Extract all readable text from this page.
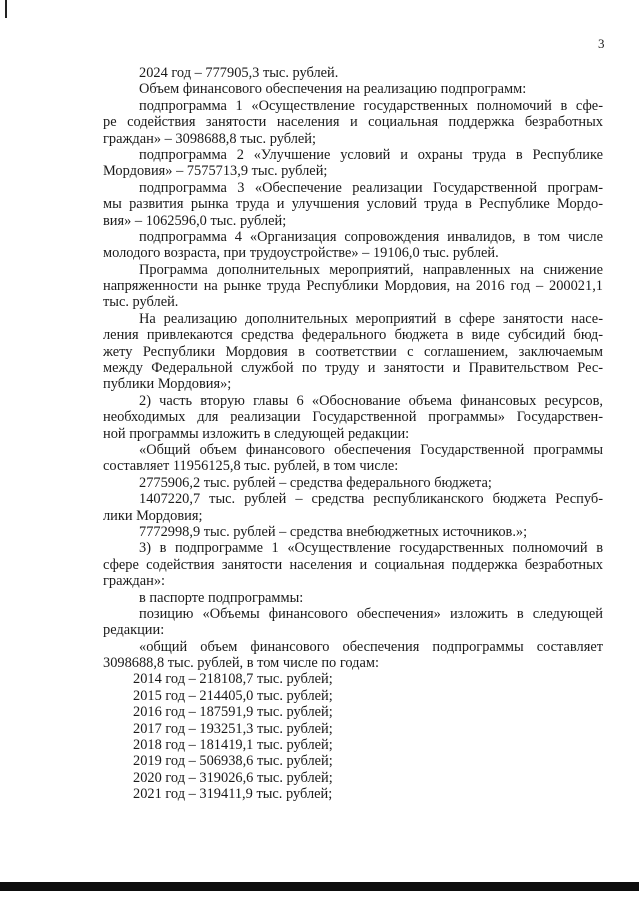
3
2024 год – 777905,3 тыс. рублей.
Объем финансового обеспечения на реализацию подпрограмм:
подпрограмма 1 «Осуществление государственных полномочий в сфе-
ре содействия занятости населения и социальная поддержка безработных
граждан» – 3098688,8 тыс. рублей;
подпрограмма 2 «Улучшение условий и охраны труда в Республике
Мордовия» – 7575713,9 тыс. рублей;
подпрограмма 3 «Обеспечение реализации Государственной програм-
мы развития рынка труда и улучшения условий труда в Республике Мордо-
вия» – 1062596,0 тыс. рублей;
подпрограмма 4 «Организация сопровождения инвалидов, в том числе
молодого возраста, при трудоустройстве» – 19106,0 тыс. рублей.
Программа дополнительных мероприятий, направленных на снижение
напряженности на рынке труда Республики Мордовия, на 2016 год – 200021,1
тыс. рублей.
На реализацию дополнительных мероприятий в сфере занятости насе-
ления привлекаются средства федерального бюджета в виде субсидий бюд-
жету Республики Мордовия в соответствии с соглашением, заключаемым
между Федеральной службой по труду и занятости и Правительством Рес-
публики Мордовия»;
2) часть вторую главы 6 «Обоснование объема финансовых ресурсов,
необходимых для реализации Государственной программы» Государствен-
ной программы изложить в следующей редакции:
«Общий объем финансового обеспечения Государственной программы
составляет 11956125,8 тыс. рублей, в том числе:
2775906,2 тыс. рублей – средства федерального бюджета;
1407220,7 тыс. рублей – средства республиканского бюджета Респуб-
лики Мордовия;
7772998,9 тыс. рублей – средства внебюджетных источников.»;
3) в подпрограмме 1 «Осуществление государственных полномочий в
сфере содействия занятости населения и социальная поддержка безработных
граждан»:
в паспорте подпрограммы:
позицию «Объемы финансового обеспечения» изложить в следующей
редакции:
«общий объем финансового обеспечения подпрограммы составляет
3098688,8 тыс. рублей, в том числе по годам:
2014 год – 218108,7 тыс. рублей;
2015 год – 214405,0 тыс. рублей;
2016 год – 187591,9 тыс. рублей;
2017 год – 193251,3 тыс. рублей;
2018 год – 181419,1 тыс. рублей;
2019 год – 506938,6 тыс. рублей;
2020 год – 319026,6 тыс. рублей;
2021 год – 319411,9 тыс. рублей;
